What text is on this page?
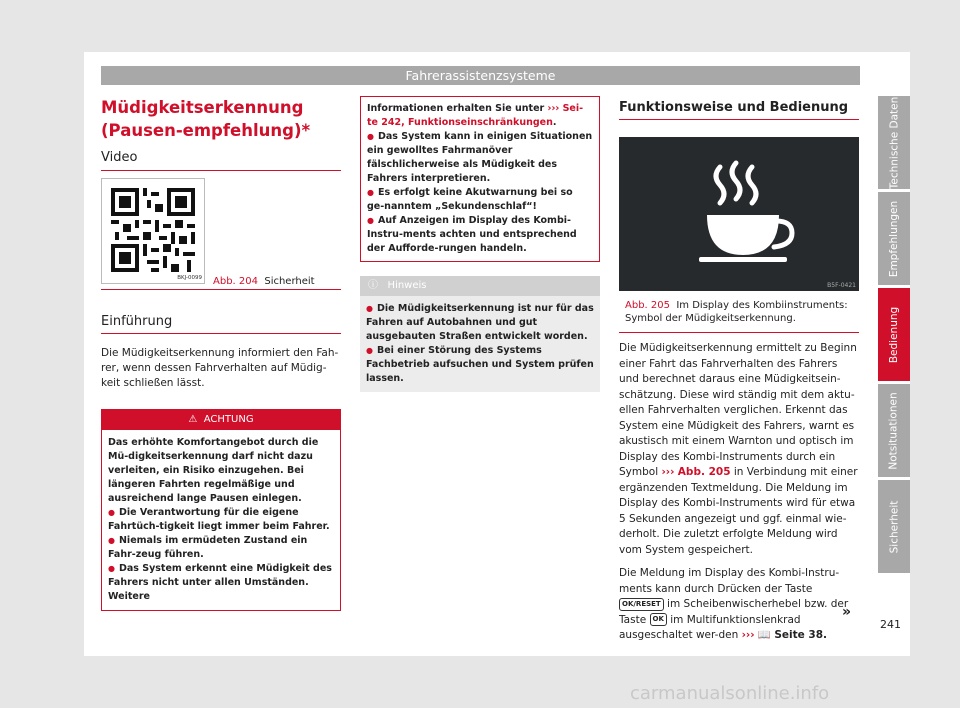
Fahrerassistenzsysteme
Müdigkeitserkennung (Pausen-empfehlung)*
Video
BKJ-0099 Abb. 204 Sicherheit
Einführung
Die Müdigkeitserkennung informiert den Fah-rer, wenn dessen Fahrverhalten auf Müdig-keit schließen lässt.
⚠ ACHTUNG
Das erhöhte Komfortangebot durch die Mü-digkeitserkennung darf nicht dazu verleiten, ein Risiko einzugehen. Bei längeren Fahrten regelmäßige und ausreichend lange Pausen einlegen.
● Die Verantwortung für die eigene Fahrtüch-tigkeit liegt immer beim Fahrer.
● Niemals im ermüdeten Zustand ein Fahr-zeug führen.
● Das System erkennt eine Müdigkeit des Fahrers nicht unter allen Umständen. Weitere
Informationen erhalten Sie unter ››› Sei-te 242, Funktionseinschränkungen.
● Das System kann in einigen Situationen ein gewolltes Fahrmanöver fälschlicherweise als Müdigkeit des Fahrers interpretieren.
● Es erfolgt keine Akutwarnung bei so ge-nanntem „Sekundenschlaf“!
● Auf Anzeigen im Display des Kombi-Instru-ments achten und entsprechend der Aufforde-rungen handeln.
ⓘ Hinweis
● Die Müdigkeitserkennung ist nur für das Fahren auf Autobahnen und gut ausgebauten Straßen entwickelt worden.
● Bei einer Störung des Systems Fachbetrieb aufsuchen und System prüfen lassen.
Funktionsweise und Bedienung
B5F-0421
Abb. 205 Im Display des Kombiinstruments: Symbol der Müdigkeitserkennung.
Die Müdigkeitserkennung ermittelt zu Beginn einer Fahrt das Fahrverhalten des Fahrers und berechnet daraus eine Müdigkeitsein-schätzung. Diese wird ständig mit dem aktu-ellen Fahrverhalten verglichen. Erkennt das System eine Müdigkeit des Fahrers, warnt es akustisch mit einem Warnton und optisch im Display des Kombi-Instruments durch ein Symbol ››› Abb. 205 in Verbindung mit einer ergänzenden Textmeldung. Die Meldung im Display des Kombi-Instruments wird für etwa 5 Sekunden angezeigt und ggf. einmal wie-derholt. Die zuletzt erfolgte Meldung wird vom System gespeichert.
Die Meldung im Display des Kombi-Instru-ments kann durch Drücken der Taste OK/RESET im Scheibenwischerhebel bzw. der Taste OK im Multifunktionslenkrad ausgeschaltet wer-den ››› 📖 Seite 38.
»
Technische Daten
Empfehlungen
Bedienung
Notsituationen
Sicherheit
241
carmanualsonline.info
